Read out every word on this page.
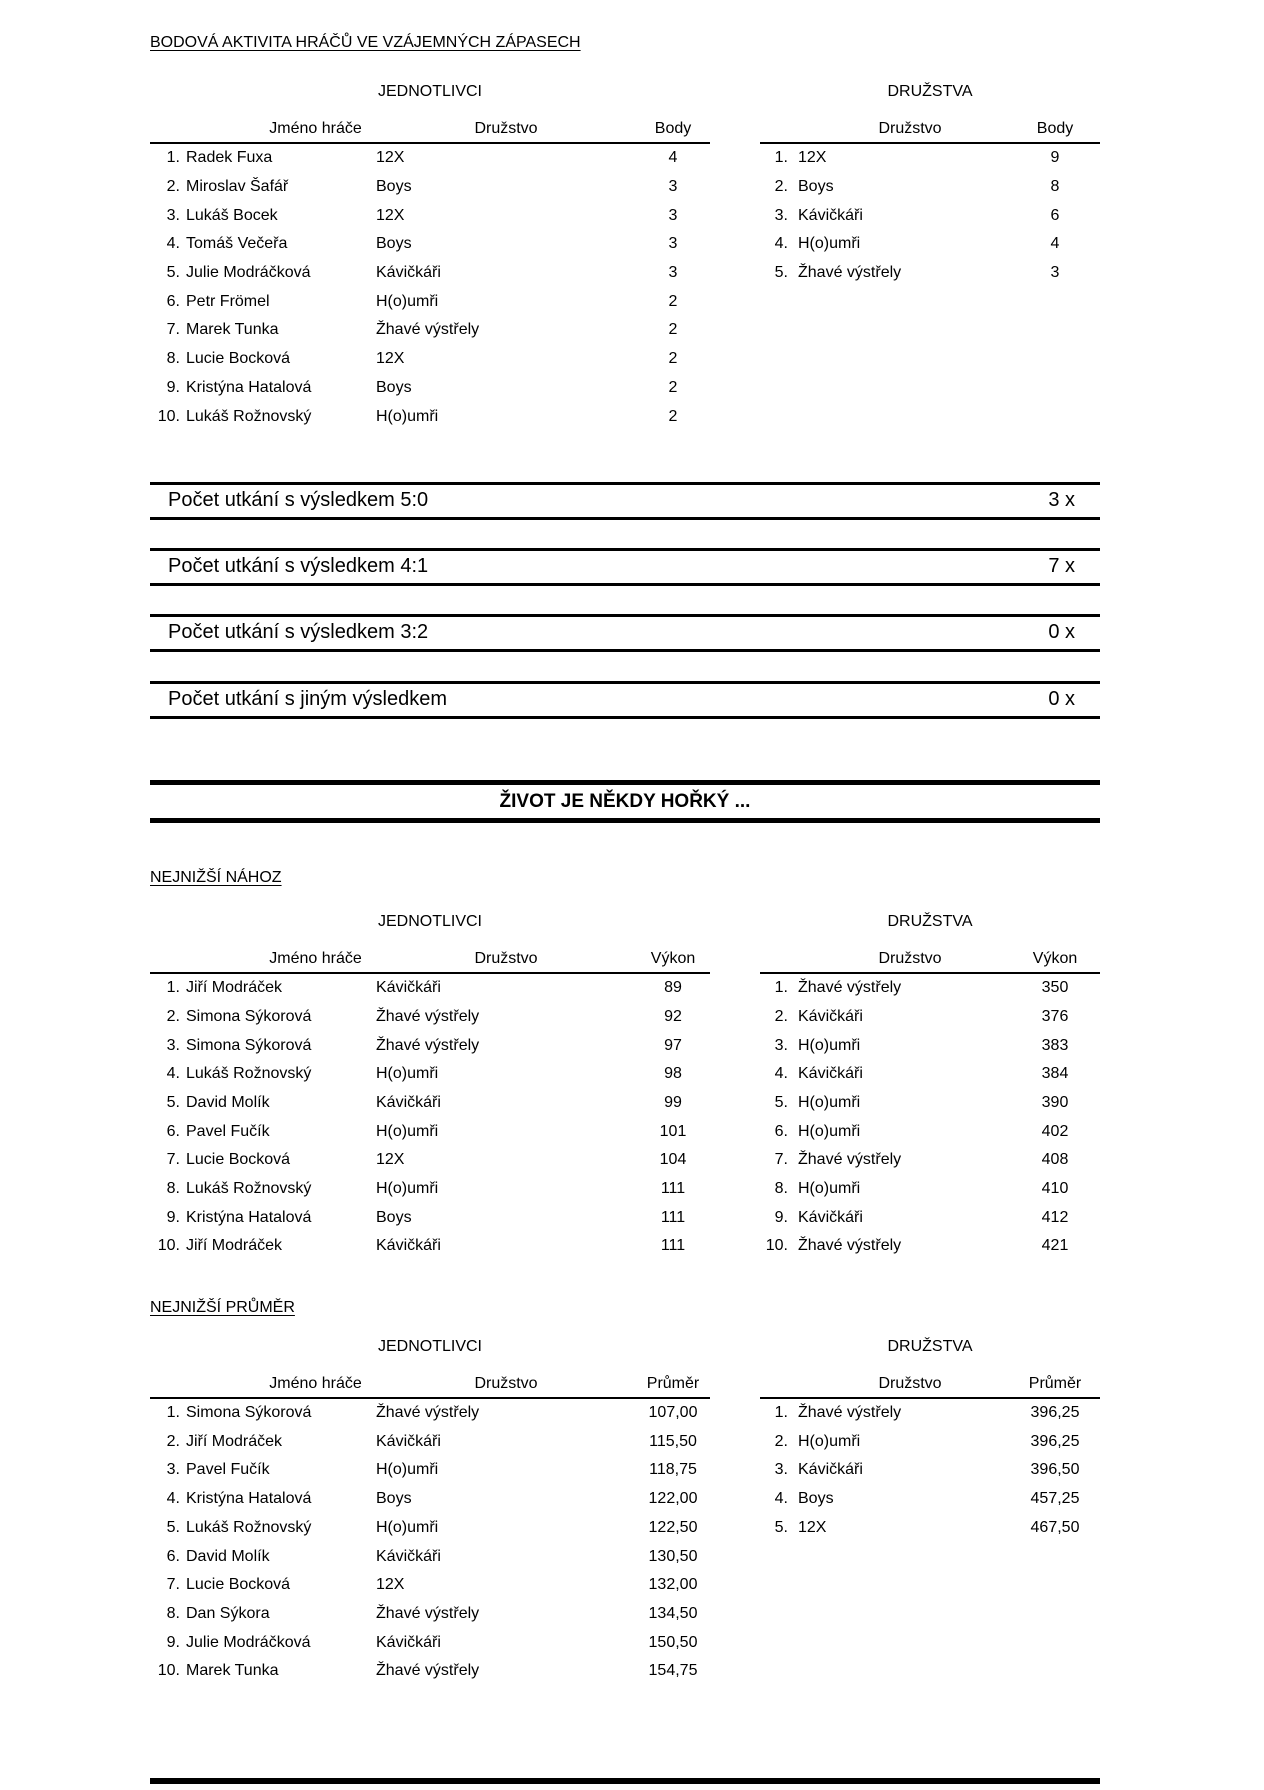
BODOVÁ AKTIVITA HRÁČŮ VE VZÁJEMNÝCH ZÁPASECH
JEDNOTLIVCI
Jméno hráče	Družstvo	Body
1. Radek Fuxa	12X	4
2. Miroslav Šafář	Boys	3
3. Lukáš Bocek	12X	3
4. Tomáš Večeřa	Boys	3
5. Julie Modráčková	Kávičkáři	3
6. Petr Frömel	H(o)umři	2
7. Marek Tunka	Žhavé výstřely	2
8. Lucie Bocková	12X	2
9. Kristýna Hatalová	Boys	2
10. Lukáš Rožnovský	H(o)umři	2
DRUŽSTVA
Družstvo	Body
1. 12X	9
2. Boys	8
3. Kávičkáři	6
4. H(o)umři	4
5. Žhavé výstřely	3
Počet utkání s výsledkem 5:0	3 x
Počet utkání s výsledkem 4:1	7 x
Počet utkání s výsledkem 3:2	0 x
Počet utkání s jiným výsledkem	0 x
ŽIVOT JE NĚKDY HOŘKÝ ...
NEJNIŽŠÍ NÁHOZ
JEDNOTLIVCI
Jméno hráče	Družstvo	Výkon
1. Jiří Modráček	Kávičkáři	89
2. Simona Sýkorová	Žhavé výstřely	92
3. Simona Sýkorová	Žhavé výstřely	97
4. Lukáš Rožnovský	H(o)umři	98
5. David Molík	Kávičkáři	99
6. Pavel Fučík	H(o)umři	101
7. Lucie Bocková	12X	104
8. Lukáš Rožnovský	H(o)umři	111
9. Kristýna Hatalová	Boys	111
10. Jiří Modráček	Kávičkáři	111
DRUŽSTVA
Družstvo	Výkon
1. Žhavé výstřely	350
2. Kávičkáři	376
3. H(o)umři	383
4. Kávičkáři	384
5. H(o)umři	390
6. H(o)umři	402
7. Žhavé výstřely	408
8. H(o)umři	410
9. Kávičkáři	412
10. Žhavé výstřely	421
NEJNIŽŠÍ PRŮMĚR
JEDNOTLIVCI
Jméno hráče	Družstvo	Průměr
1. Simona Sýkorová	Žhavé výstřely	107,00
2. Jiří Modráček	Kávičkáři	115,50
3. Pavel Fučík	H(o)umři	118,75
4. Kristýna Hatalová	Boys	122,00
5. Lukáš Rožnovský	H(o)umři	122,50
6. David Molík	Kávičkáři	130,50
7. Lucie Bocková	12X	132,00
8. Dan Sýkora	Žhavé výstřely	134,50
9. Julie Modráčková	Kávičkáři	150,50
10. Marek Tunka	Žhavé výstřely	154,75
DRUŽSTVA
Družstvo	Průměr
1. Žhavé výstřely	396,25
2. H(o)umři	396,25
3. Kávičkáři	396,50
4. Boys	457,25
5. 12X	467,50
